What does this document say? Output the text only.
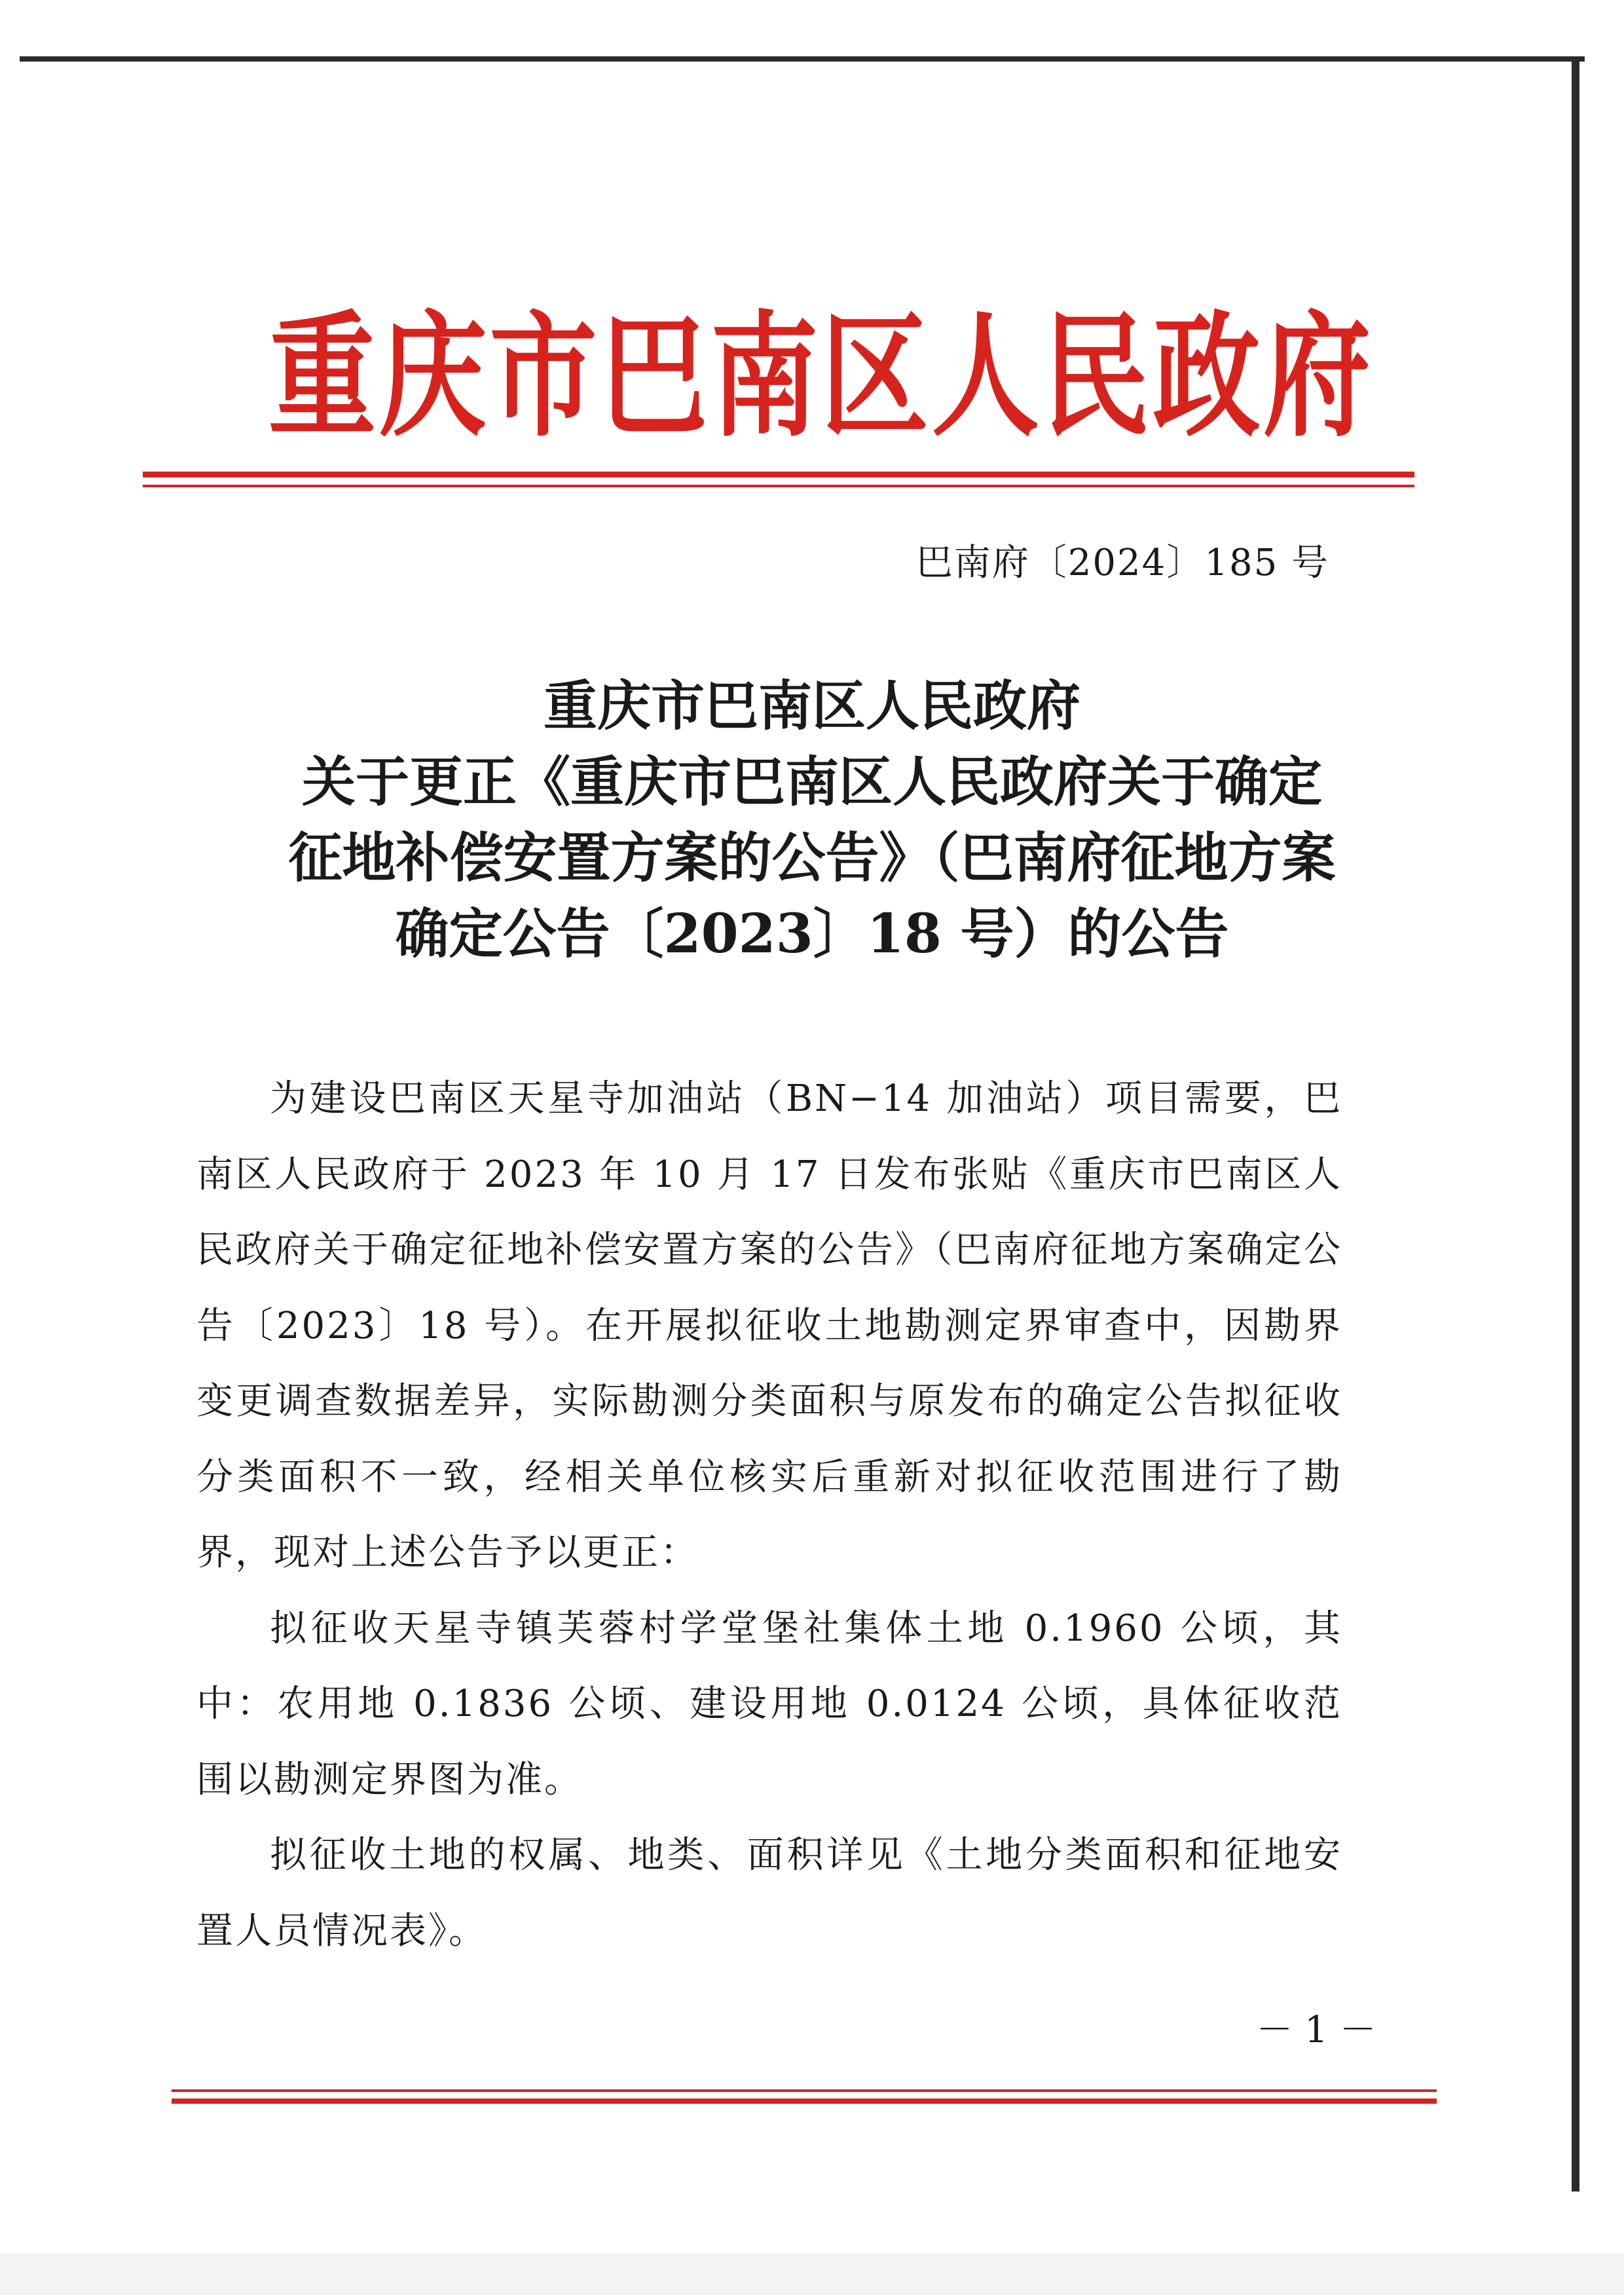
重庆市巴南区人民政府
巴南府〔2024〕185 号
重庆市巴南区人民政府
关于更正《重庆市巴南区人民政府关于确定
征地补偿安置方案的公告》（巴南府征地方案
确定公告〔2023〕18 号）的公告

为建设巴南区天星寺加油站（BN−14 加油站）项目需要，巴南区人民政府于 2023 年 10 月 17 日发布张贴《重庆市巴南区人民政府关于确定征地补偿安置方案的公告》（巴南府征地方案确定公告〔2023〕18 号）。在开展拟征收土地勘测定界审查中，因勘界变更调查数据差异，实际勘测分类面积与原发布的确定公告拟征收分类面积不一致，经相关单位核实后重新对拟征收范围进行了勘界，现对上述公告予以更正：

拟征收天星寺镇芙蓉村学堂堡社集体土地 0.1960 公顷，其中：农用地 0.1836 公顷、建设用地 0.0124 公顷，具体征收范围以勘测定界图为准。

拟征收土地的权属、地类、面积详见《土地分类面积和征地安置人员情况表》。

－ 1 －
